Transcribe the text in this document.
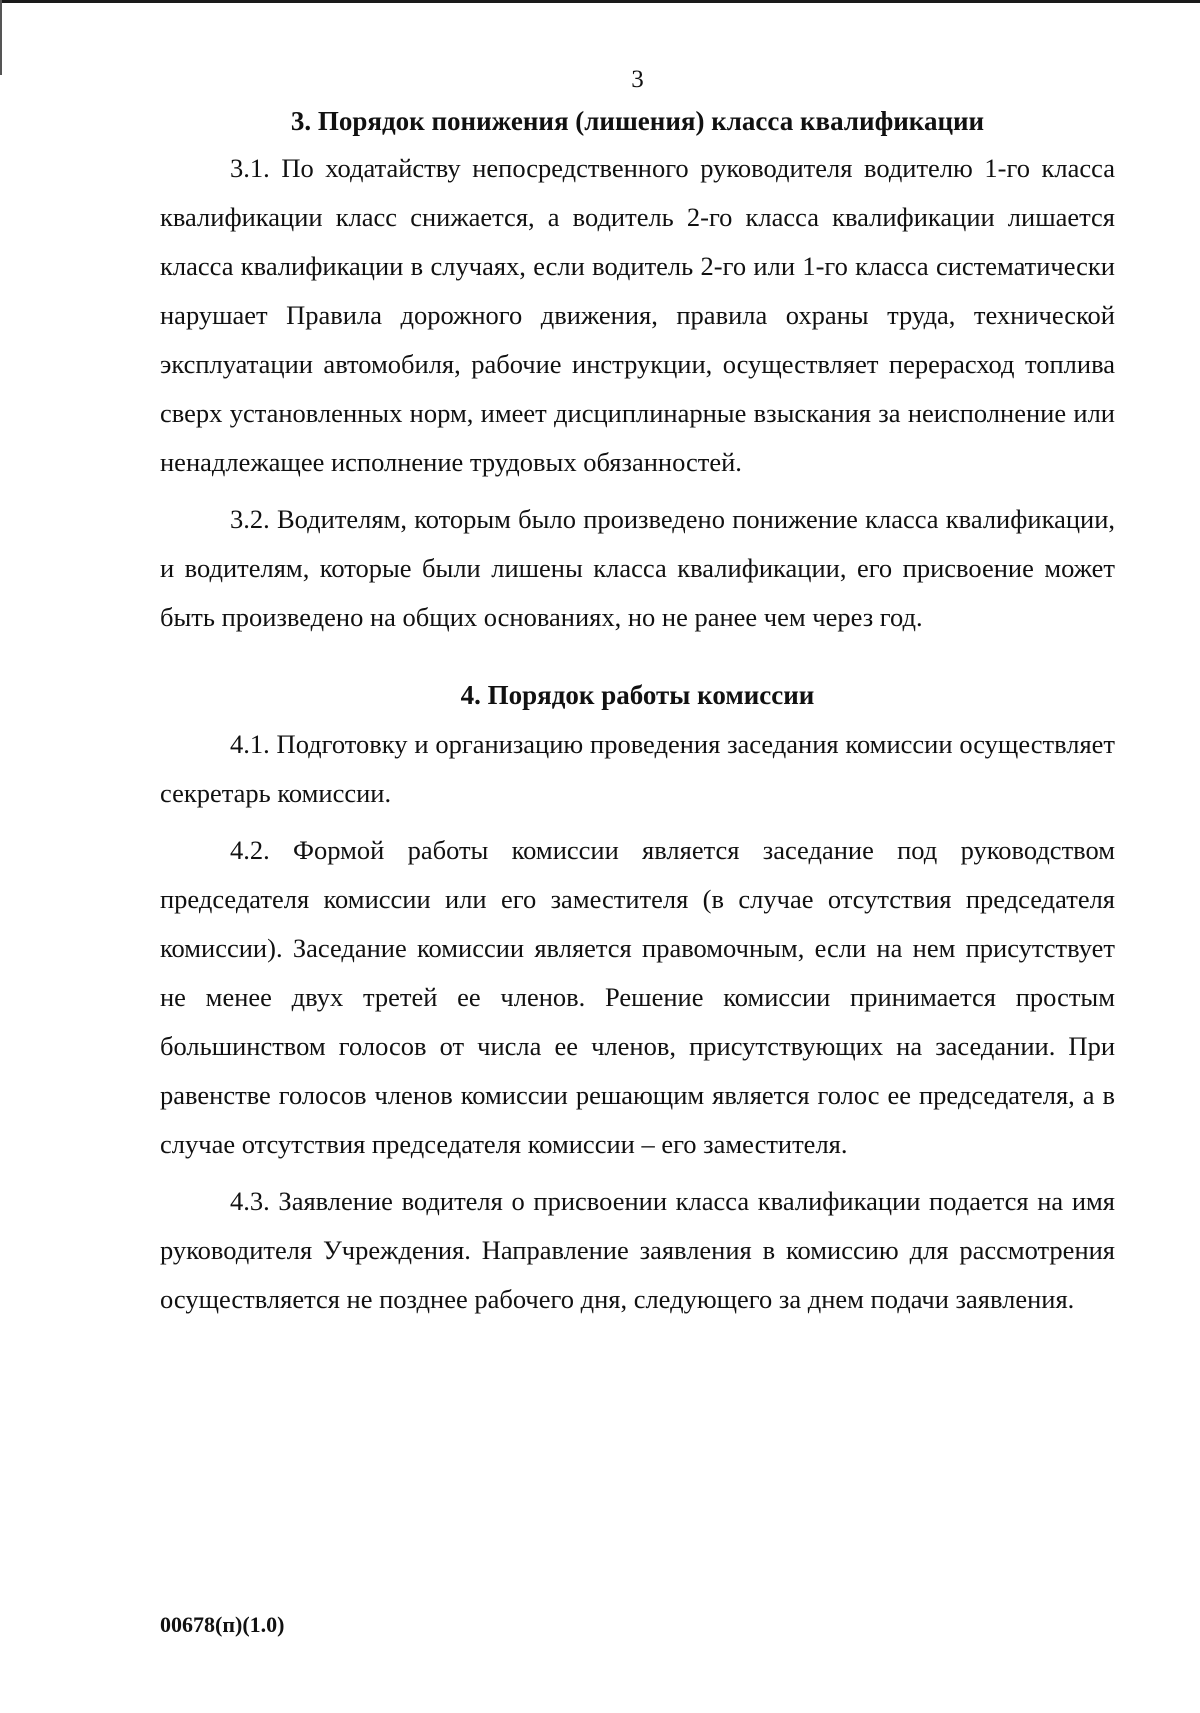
3
3. Порядок понижения (лишения) класса квалификации

3.1. По ходатайству непосредственного руководителя водителю 1-го класса квалификации класс снижается, а водитель 2-го класса квалификации лишается класса квалификации в случаях, если водитель 2-го или 1-го класса систематически нарушает Правила дорожного движения, правила охраны труда, технической эксплуатации автомобиля, рабочие инструкции, осуществляет перерасход топлива сверх установленных норм, имеет дисциплинарные взыскания за неисполнение или ненадлежащее исполнение трудовых обязанностей.

3.2. Водителям, которым было произведено понижение класса квалификации, и водителям, которые были лишены класса квалификации, его присвоение может быть произведено на общих основаниях, но не ранее чем через год.

4. Порядок работы комиссии

4.1. Подготовку и организацию проведения заседания комиссии осуществляет секретарь комиссии.

4.2. Формой работы комиссии является заседание под руководством председателя комиссии или его заместителя (в случае отсутствия председателя комиссии). Заседание комиссии является правомочным, если на нем присутствует не менее двух третей ее членов. Решение комиссии принимается простым большинством голосов от числа ее членов, присутствующих на заседании. При равенстве голосов членов комиссии решающим является голос ее председателя, а в случае отсутствия председателя комиссии – его заместителя.

4.3. Заявление водителя о присвоении класса квалификации подается на имя руководителя Учреждения. Направление заявления в комиссию для рассмотрения осуществляется не позднее рабочего дня, следующего за днем подачи заявления.

00678(п)(1.0)
